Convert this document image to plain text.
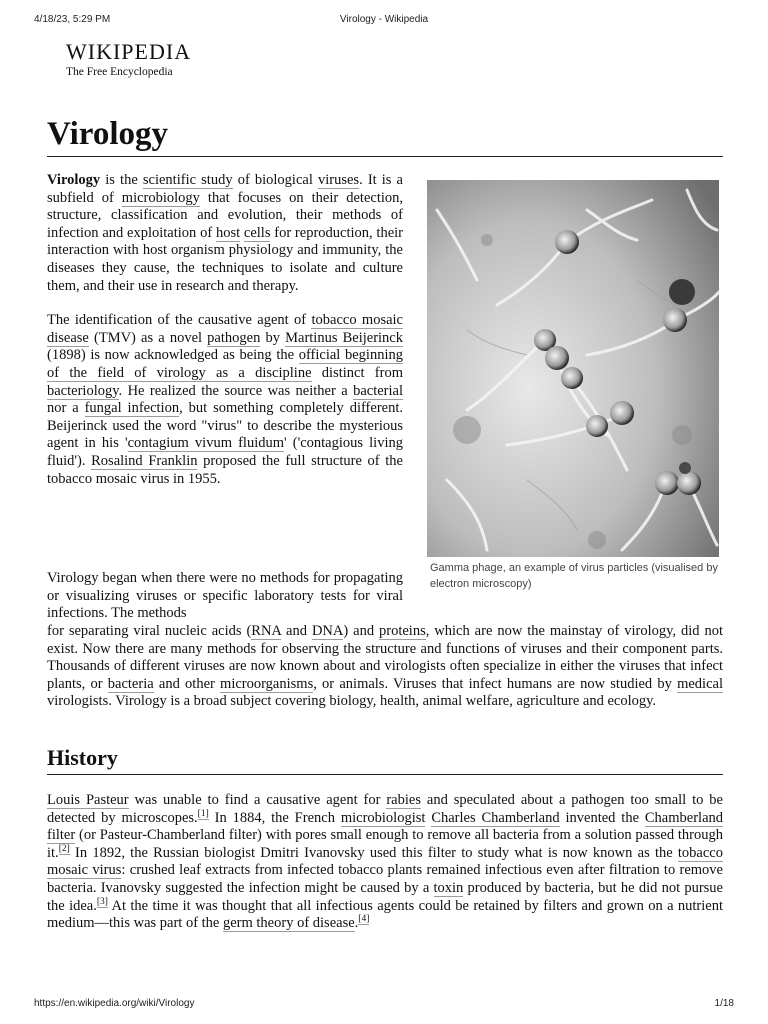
4/18/23, 5:29 PM	Virology - Wikipedia
WIKIPEDIA
The Free Encyclopedia
Virology

Virology is the scientific study of biological viruses. It is a subfield of microbiology that focuses on their detection, structure, classification and evolution, their methods of infection and exploitation of host cells for reproduction, their interaction with host organism physiology and immunity, the diseases they cause, the techniques to isolate and culture them, and their use in research and therapy.

The identification of the causative agent of tobacco mosaic disease (TMV) as a novel pathogen by Martinus Beijerinck (1898) is now acknowledged as being the official beginning of the field of virology as a discipline distinct from bacteriology. He realized the source was neither a bacterial nor a fungal infection, but something completely different. Beijerinck used the word "virus" to describe the mysterious agent in his 'contagium vivum fluidum' ('contagious living fluid'). Rosalind Franklin proposed the full structure of the tobacco mosaic virus in 1955.

Virology began when there were no methods for propagating or visualizing viruses or specific laboratory tests for viral infections. The methods

Gamma phage, an example of virus particles (visualised by electron microscopy)

for separating viral nucleic acids (RNA and DNA) and proteins, which are now the mainstay of virology, did not exist. Now there are many methods for observing the structure and functions of viruses and their component parts. Thousands of different viruses are now known about and virologists often specialize in either the viruses that infect plants, or bacteria and other microorganisms, or animals. Viruses that infect humans are now studied by medical virologists. Virology is a broad subject covering biology, health, animal welfare, agriculture and ecology.

History

Louis Pasteur was unable to find a causative agent for rabies and speculated about a pathogen too small to be detected by microscopes.[1] In 1884, the French microbiologist Charles Chamberland invented the Chamberland filter (or Pasteur-Chamberland filter) with pores small enough to remove all bacteria from a solution passed through it.[2] In 1892, the Russian biologist Dmitri Ivanovsky used this filter to study what is now known as the tobacco mosaic virus: crushed leaf extracts from infected tobacco plants remained infectious even after filtration to remove bacteria. Ivanovsky suggested the infection might be caused by a toxin produced by bacteria, but he did not pursue the idea.[3] At the time it was thought that all infectious agents could be retained by filters and grown on a nutrient medium—this was part of the germ theory of disease.[4]

https://en.wikipedia.org/wiki/Virology	1/18
